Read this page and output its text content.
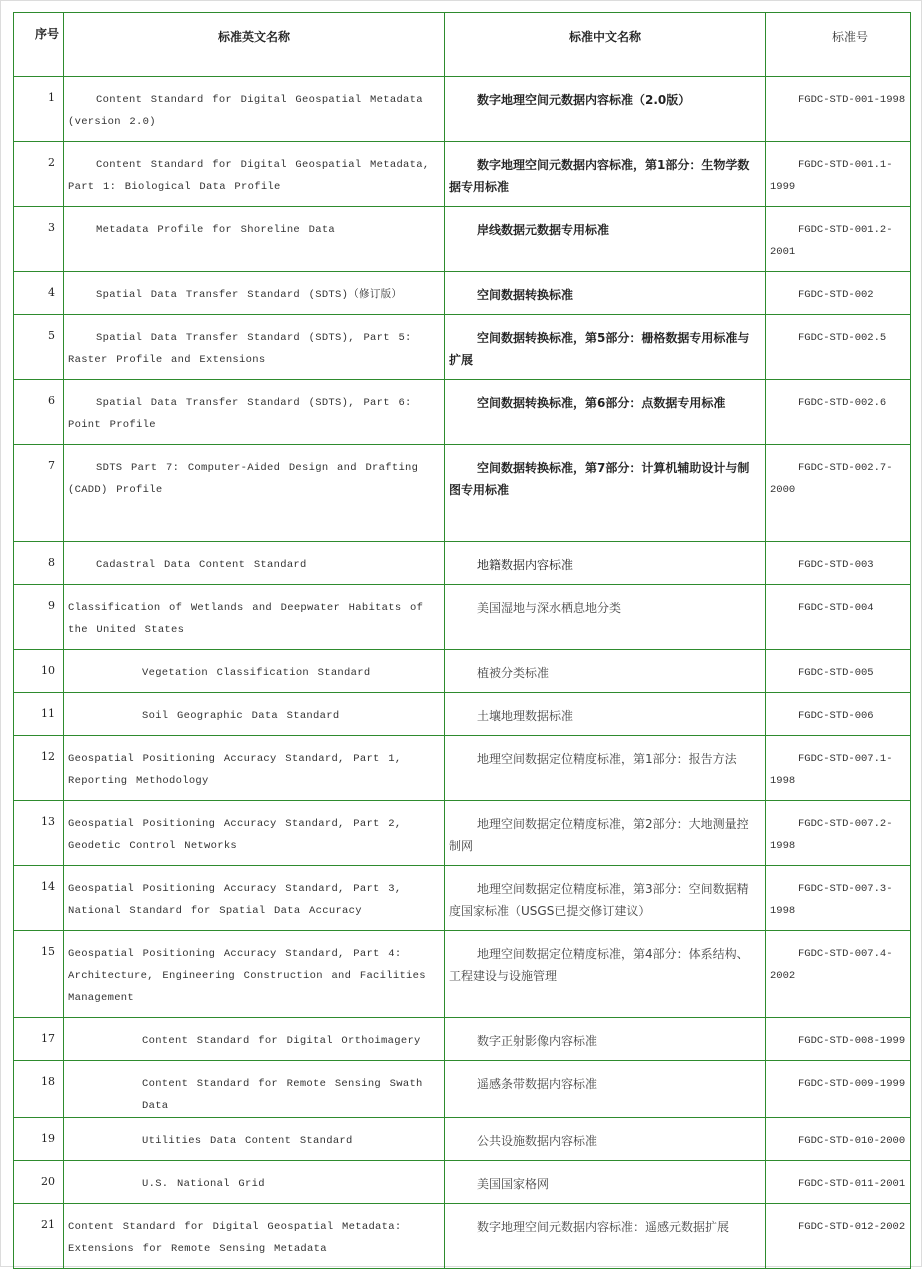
序号	标准英文名称	标准中文名称	标准号
1	Content Standard for Digital Geospatial Metadata (version 2.0)	数字地理空间元数据内容标准（2.0版）	FGDC-STD-001-1998

2	Content Standard for Digital Geospatial Metadata, Part 1: Biological Data Profile	数字地理空间元数据内容标准，第1部分：生物学数据专用标准	FGDC-STD-001.1-1999

3	Metadata Profile for Shoreline Data	岸线数据元数据专用标准	FGDC-STD-001.2-2001

4	Spatial Data Transfer Standard (SDTS)（修订版）	空间数据转换标准	FGDC-STD-002

5	Spatial Data Transfer Standard (SDTS), Part 5: Raster Profile and Extensions	空间数据转换标准，第5部分：栅格数据专用标准与扩展	FGDC-STD-002.5

6	Spatial Data Transfer Standard (SDTS), Part 6: Point Profile	空间数据转换标准，第6部分：点数据专用标准	FGDC-STD-002.6

7	SDTS Part 7: Computer-Aided Design and Drafting (CADD) Profile	空间数据转换标准，第7部分：计算机辅助设计与制图专用标准	FGDC-STD-002.7-2000

8	Cadastral Data Content Standard	地籍数据内容标准	FGDC-STD-003

9	Classification of Wetlands and Deepwater Habitats of the United States	美国湿地与深水栖息地分类	FGDC-STD-004

10	Vegetation Classification Standard	植被分类标准	FGDC-STD-005

11	Soil Geographic Data Standard	土壤地理数据标准	FGDC-STD-006

12	Geospatial Positioning Accuracy Standard, Part 1, Reporting Methodology	地理空间数据定位精度标准，第1部分：报告方法	FGDC-STD-007.1-1998

13	Geospatial Positioning Accuracy Standard, Part 2, Geodetic Control Networks	地理空间数据定位精度标准，第2部分：大地测量控制网	FGDC-STD-007.2-1998

14	Geospatial Positioning Accuracy Standard, Part 3, National Standard for Spatial Data Accuracy	地理空间数据定位精度标准，第3部分：空间数据精度国家标准（USGS已提交修订建议）	FGDC-STD-007.3-1998

15	Geospatial Positioning Accuracy Standard, Part 4: Architecture, Engineering Construction and Facilities Management	地理空间数据定位精度标准，第4部分：体系结构、工程建设与设施管理	FGDC-STD-007.4-2002

17	Content Standard for Digital Orthoimagery	数字正射影像内容标准	FGDC-STD-008-1999

18	Content Standard for Remote Sensing Swath Data	遥感条带数据内容标准	FGDC-STD-009-1999

19	Utilities Data Content Standard	公共设施数据内容标准	FGDC-STD-010-2000

20	U.S. National Grid	美国国家格网	FGDC-STD-011-2001

21	Content Standard for Digital Geospatial Metadata: Extensions for Remote Sensing Metadata	数字地理空间元数据内容标准：遥感元数据扩展	FGDC-STD-012-2002
